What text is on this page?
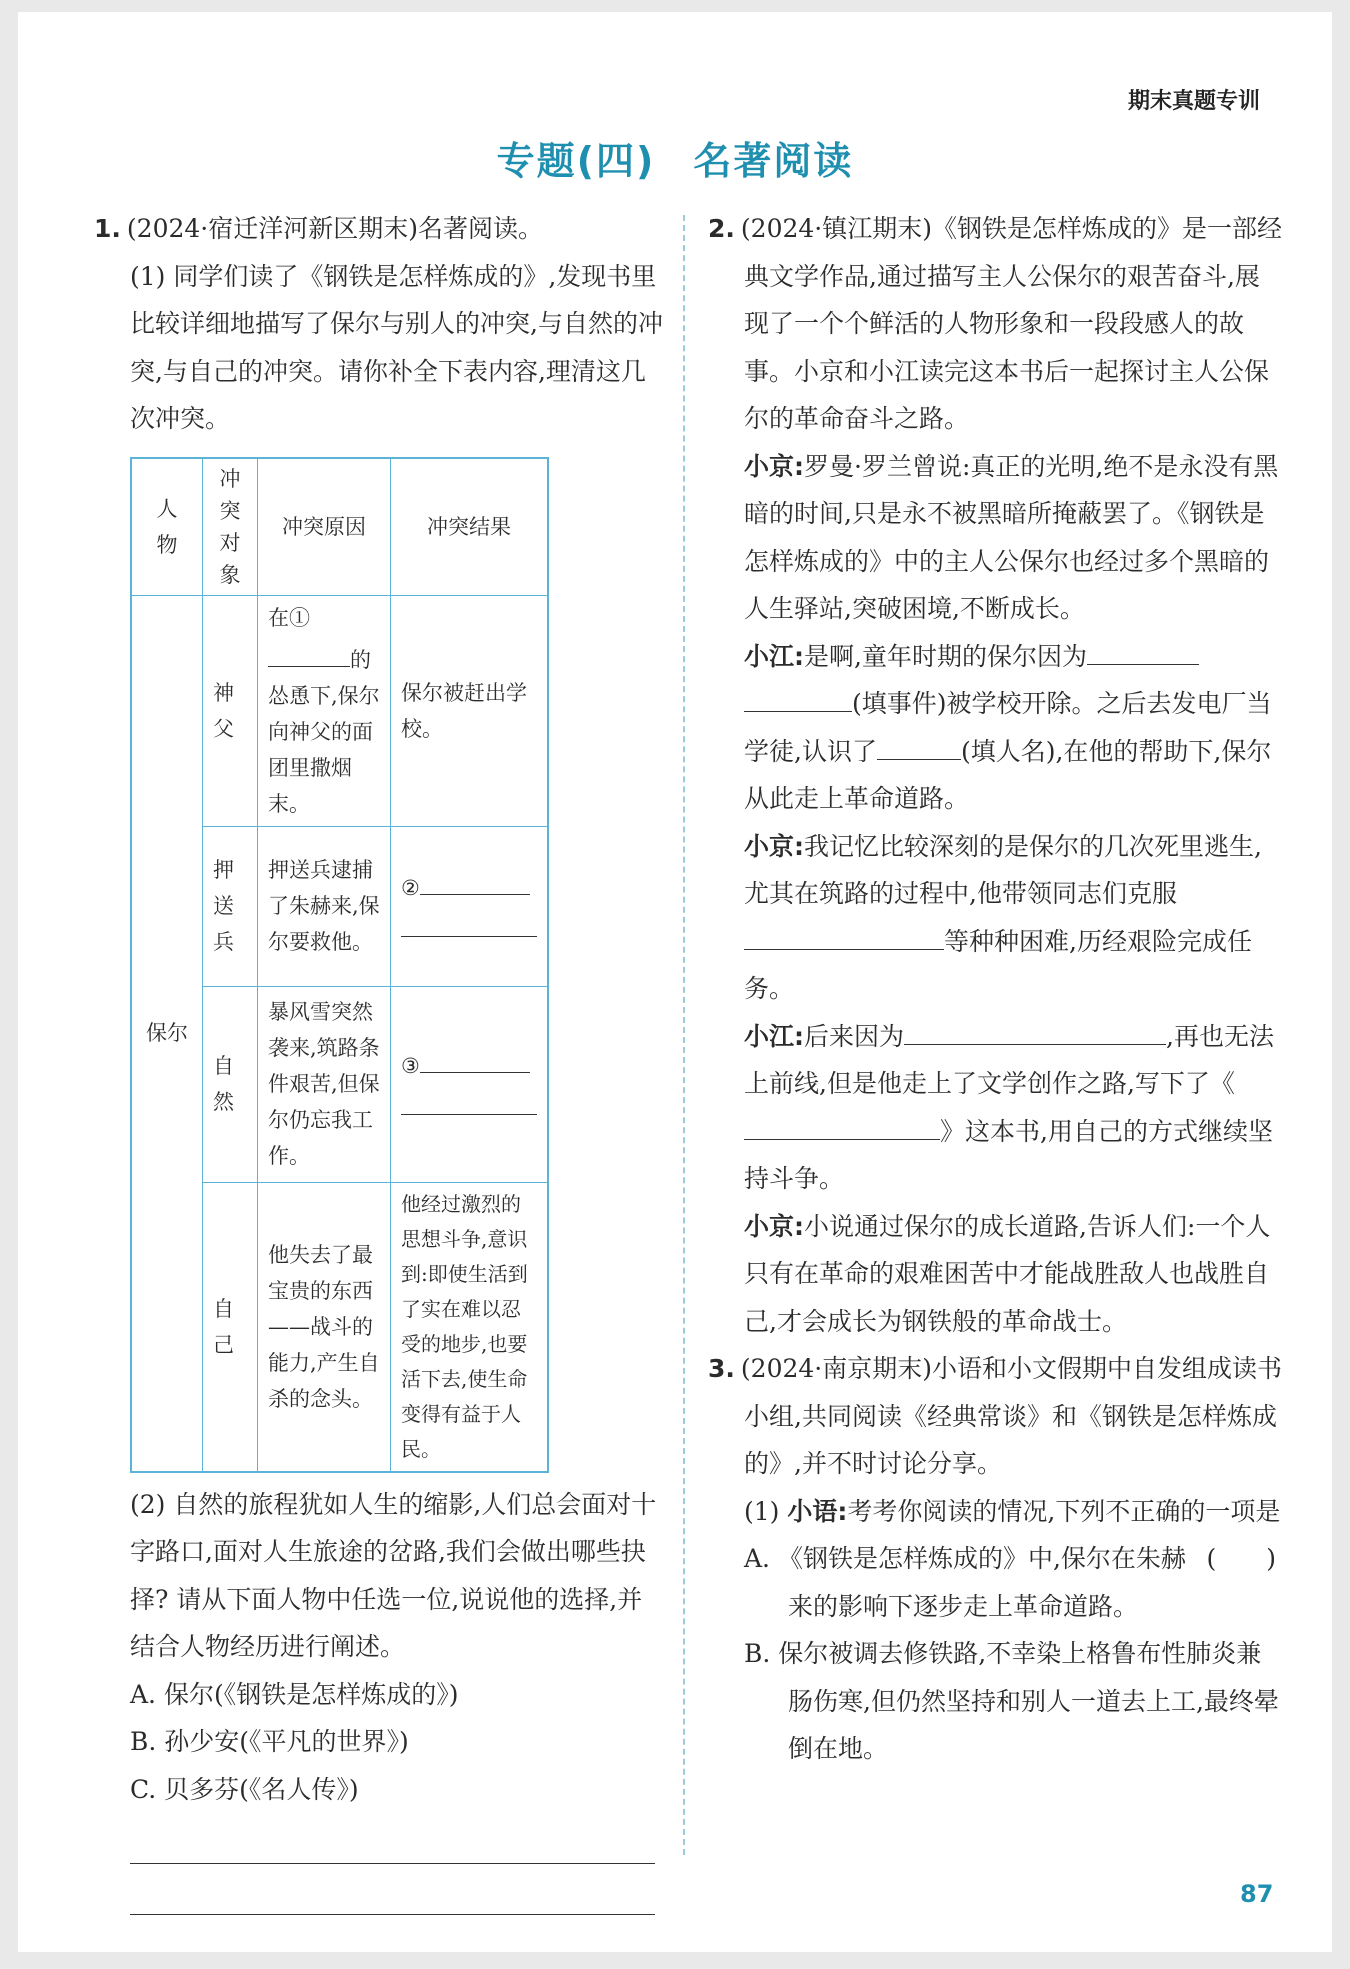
期末真题专训
专题(四) 名著阅读

1. (2024·宿迁洋河新区期末)名著阅读。

(1) 同学们读了《钢铁是怎样炼成的》,发现书里比较详细地描写了保尔与别人的冲突,与自然的冲突,与自己的冲突。请你补全下表内容,理清这几次冲突。

人　物	冲突对象	冲突原因	冲突结果
保尔	神父	在①的怂恿下,保尔向神父的面团里撒烟末。	保尔被赶出学校。
	押送兵	押送兵逮捕了朱赫来,保尔要救他。	②

	自然	暴风雪突然袭来,筑路条件艰苦,但保尔仍忘我工作。	③

	自己	他失去了最宝贵的东西——战斗的能力,产生自杀的念头。	他经过激烈的思想斗争,意识到:即使生活到了实在难以忍受的地步,也要活下去,使生命变得有益于人民。

(2) 自然的旅程犹如人生的缩影,人们总会面对十字路口,面对人生旅途的岔路,我们会做出哪些抉择? 请从下面人物中任选一位,说说他的选择,并结合人物经历进行阐述。

A. 保尔(《钢铁是怎样炼成的》)

B. 孙少安(《平凡的世界》)

C. 贝多芬(《名人传》)

2. (2024·镇江期末)《钢铁是怎样炼成的》是一部经典文学作品,通过描写主人公保尔的艰苦奋斗,展现了一个个鲜活的人物形象和一段段感人的故事。小京和小江读完这本书后一起探讨主人公保尔的革命奋斗之路。

小京:罗曼·罗兰曾说:真正的光明,绝不是永没有黑暗的时间,只是永不被黑暗所掩蔽罢了。《钢铁是怎样炼成的》中的主人公保尔也经过多个黑暗的人生驿站,突破困境,不断成长。

小江:是啊,童年时期的保尔因为(填事件)被学校开除。之后去发电厂当学徒,认识了	(填人名),在他的帮助下,保尔从此走上革命道路。

小京:我记忆比较深刻的是保尔的几次死里逃生,尤其在筑路的过程中,他带领同志们克服等种种困难,历经艰险完成任务。

小江:后来因为	,再也无法上前线,但是他走上了文学创作之路,写下了《》这本书,用自己的方式继续坚持斗争。

小京:小说通过保尔的成长道路,告诉人们:一个人只有在革命的艰难困苦中才能战胜敌人也战胜自己,才会成长为钢铁般的革命战士。

3. (2024·南京期末)小语和小文假期中自发组成读书小组,共同阅读《经典常谈》和《钢铁是怎样炼成的》,并不时讨论分享。

(1) 小语:考考你阅读的情况,下列不正确的一项是
(　　)

A. 《钢铁是怎样炼成的》中,保尔在朱赫来的影响下逐步走上革命道路。

B. 保尔被调去修铁路,不幸染上格鲁布性肺炎兼肠伤寒,但仍然坚持和别人一道去上工,最终晕倒在地。

87
